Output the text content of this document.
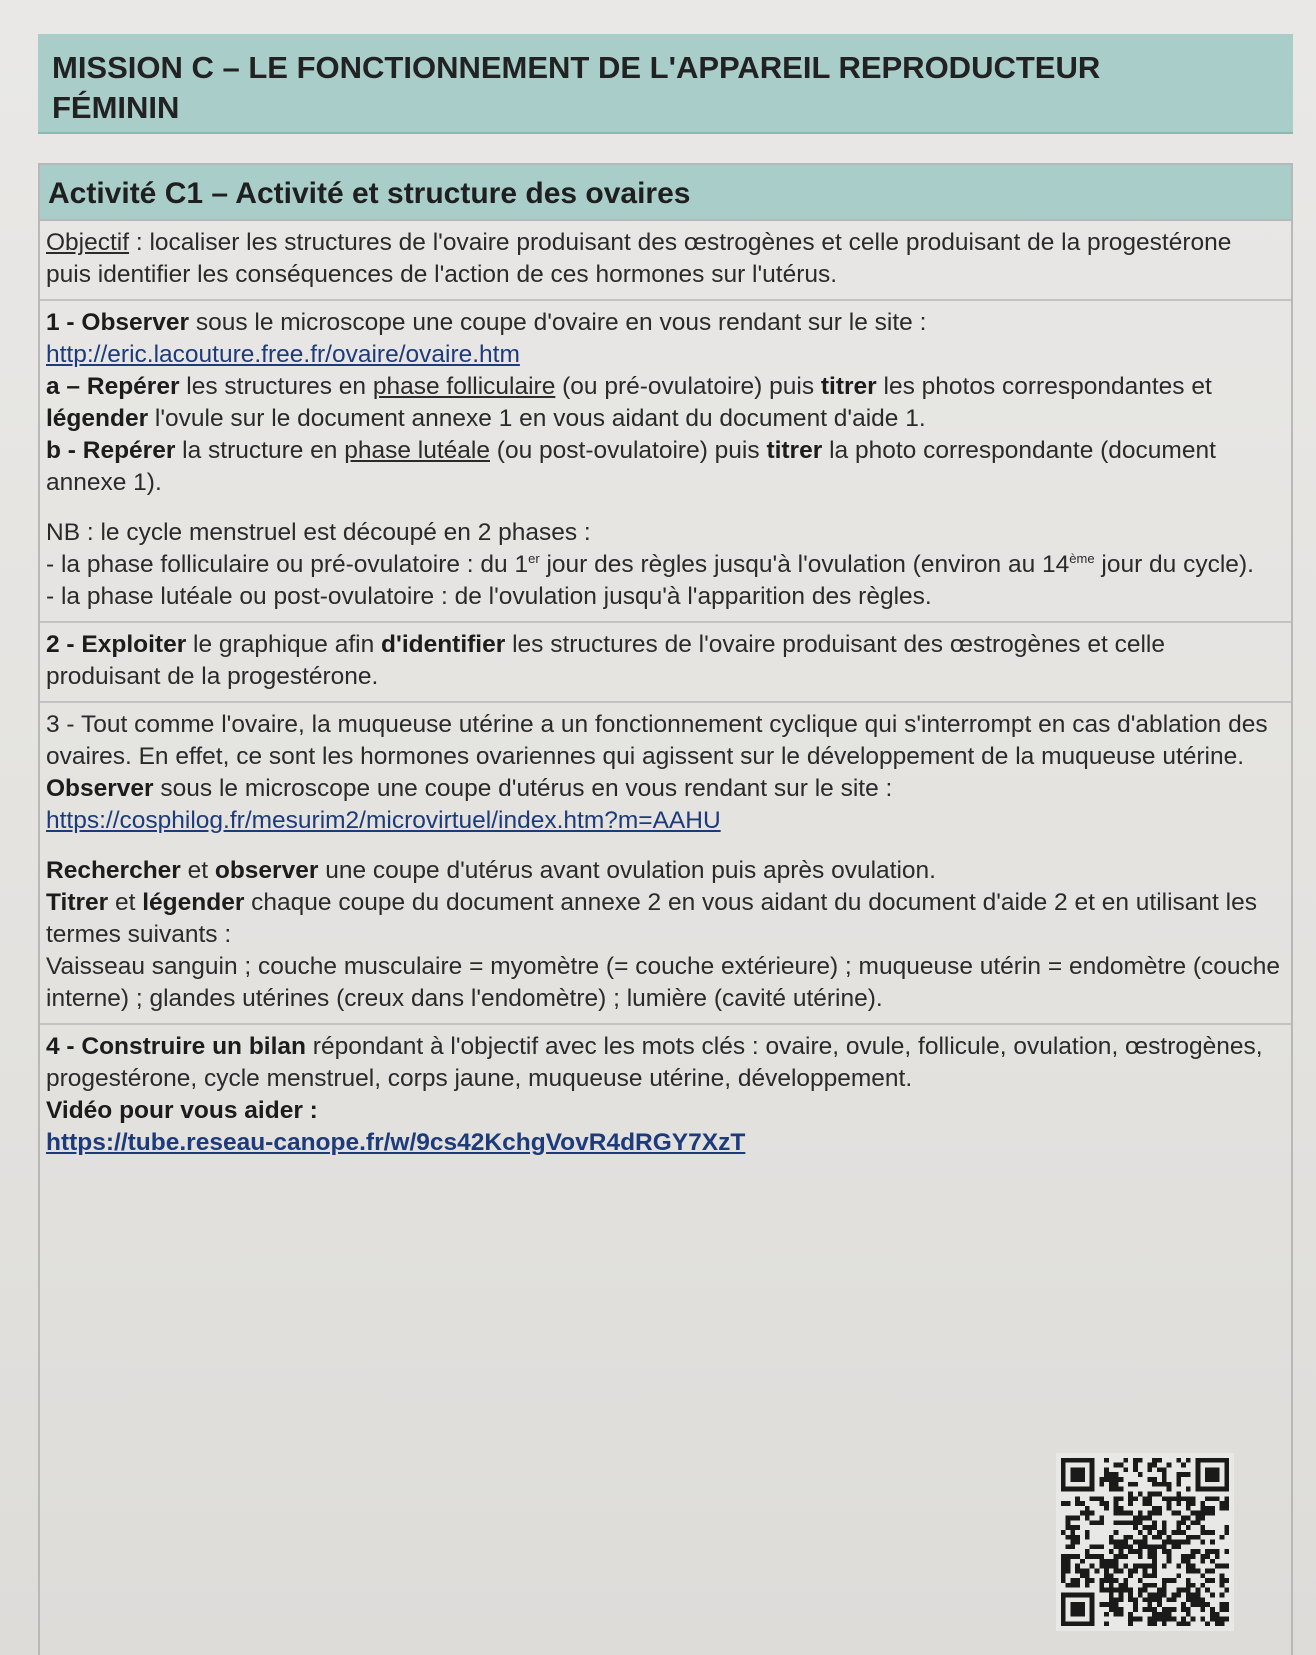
MISSION C – LE FONCTIONNEMENT DE L'APPAREIL REPRODUCTEUR
FÉMININ
Activité C1 – Activité et structure des ovaires

Objectif : localiser les structures de l'ovaire produisant des œstrogènes et celle produisant de la progestérone puis identifier les conséquences de l'action de ces hormones sur l'utérus.

1 - Observer sous le microscope une coupe d'ovaire en vous rendant sur le site :

http://eric.lacouture.free.fr/ovaire/ovaire.htm

a – Repérer les structures en phase folliculaire (ou pré-ovulatoire) puis titrer les photos correspondantes et légender l'ovule sur le document annexe 1 en vous aidant du document d'aide 1.

b - Repérer la structure en phase lutéale (ou post-ovulatoire) puis titrer la photo correspondante (document annexe 1).

NB : le cycle menstruel est découpé en 2 phases :

- la phase folliculaire ou pré-ovulatoire : du 1er jour des règles jusqu'à l'ovulation (environ au 14ème jour du cycle).

- la phase lutéale ou post-ovulatoire : de l'ovulation jusqu'à l'apparition des règles.

2 - Exploiter le graphique afin d'identifier les structures de l'ovaire produisant des œstrogènes et celle produisant de la progestérone.

3 - Tout comme l'ovaire, la muqueuse utérine a un fonctionnement cyclique qui s'interrompt en cas d'ablation des ovaires. En effet, ce sont les hormones ovariennes qui agissent sur le développement de la muqueuse utérine.

Observer sous le microscope une coupe d'utérus en vous rendant sur le site :

https://cosphilog.fr/mesurim2/microvirtuel/index.htm?m=AAHU

Rechercher et observer une coupe d'utérus avant ovulation puis après ovulation.

Titrer et légender chaque coupe du document annexe 2 en vous aidant du document d'aide 2 et en utilisant les termes suivants :

Vaisseau sanguin ; couche musculaire = myomètre (= couche extérieure) ; muqueuse utérin = endomètre (couche interne) ; glandes utérines (creux dans l'endomètre) ; lumière (cavité utérine).

4 - Construire un bilan répondant à l'objectif avec les mots clés : ovaire, ovule, follicule, ovulation, œstrogènes, progestérone, cycle menstruel, corps jaune, muqueuse utérine, développement.

Vidéo pour vous aider :

https://tube.reseau-canope.fr/w/9cs42KchgVovR4dRGY7XzT
